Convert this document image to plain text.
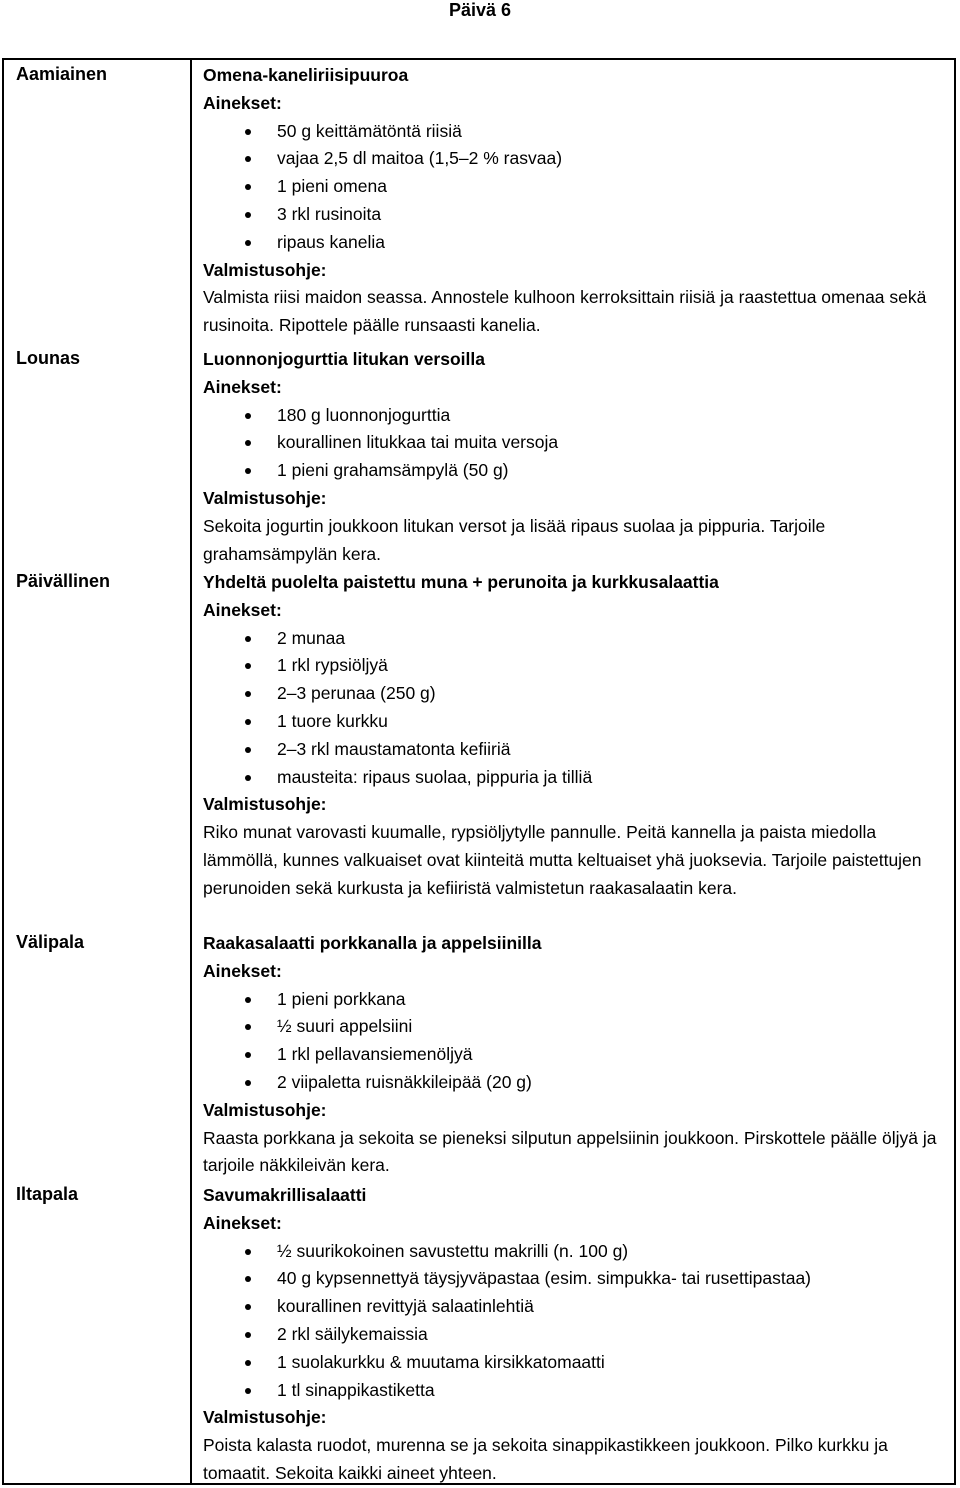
Päivä 6
Aamiainen
Lounas
Päivällinen
Välipala
Iltapala
Omena-kaneliriisipuuroa
Ainekset:
50 g keittämätöntä riisiä
vajaa 2,5 dl maitoa (1,5–2 % rasvaa)
1 pieni omena
3 rkl rusinoita
ripaus kanelia
Valmistusohje:
Valmista riisi maidon seassa. Annostele kulhoon kerroksittain riisiä ja raastettua omenaa sekä rusinoita. Ripottele päälle runsaasti kanelia.
Luonnonjogurttia litukan versoilla
Ainekset:
180 g luonnonjogurttia
kourallinen litukkaa tai muita versoja
1 pieni grahamsämpylä (50 g)
Valmistusohje:
Sekoita jogurtin joukkoon litukan versot ja lisää ripaus suolaa ja pippuria. Tarjoile grahamsämpylän kera.
Yhdeltä puolelta paistettu muna + perunoita ja kurkkusalaattia
Ainekset:
2 munaa
1 rkl rypsiöljyä
2–3 perunaa (250 g)
1 tuore kurkku
2–3 rkl maustamatonta kefiiriä
mausteita: ripaus suolaa, pippuria ja tilliä
Valmistusohje:
Riko munat varovasti kuumalle, rypsiöljytylle pannulle. Peitä kannella ja paista miedolla lämmöllä, kunnes valkuaiset ovat kiinteitä mutta keltuaiset yhä juoksevia. Tarjoile paistettujen perunoiden sekä kurkusta ja kefiiristä valmistetun raakasalaatin kera.
Raakasalaatti porkkanalla ja appelsiinilla
Ainekset:
1 pieni porkkana
½ suuri appelsiini
1 rkl pellavansiemenöljyä
2 viipaletta ruisnäkkileipää (20 g)
Valmistusohje:
Raasta porkkana ja sekoita se pieneksi silputun appelsiinin joukkoon. Pirskottele päälle öljyä ja tarjoile näkkileivän kera.
Savumakrillisalaatti
Ainekset:
½ suurikokoinen savustettu makrilli (n. 100 g)
40 g kypsennettyä täysjyväpastaa (esim. simpukka- tai rusettipastaa)
kourallinen revittyjä salaatinlehtiä
2 rkl säilykemaissia
1 suolakurkku & muutama kirsikkatomaatti
1 tl sinappikastiketta
Valmistusohje:
Poista kalasta ruodot, murenna se ja sekoita sinappikastikkeen joukkoon. Pilko kurkku ja tomaatit. Sekoita kaikki aineet yhteen.
